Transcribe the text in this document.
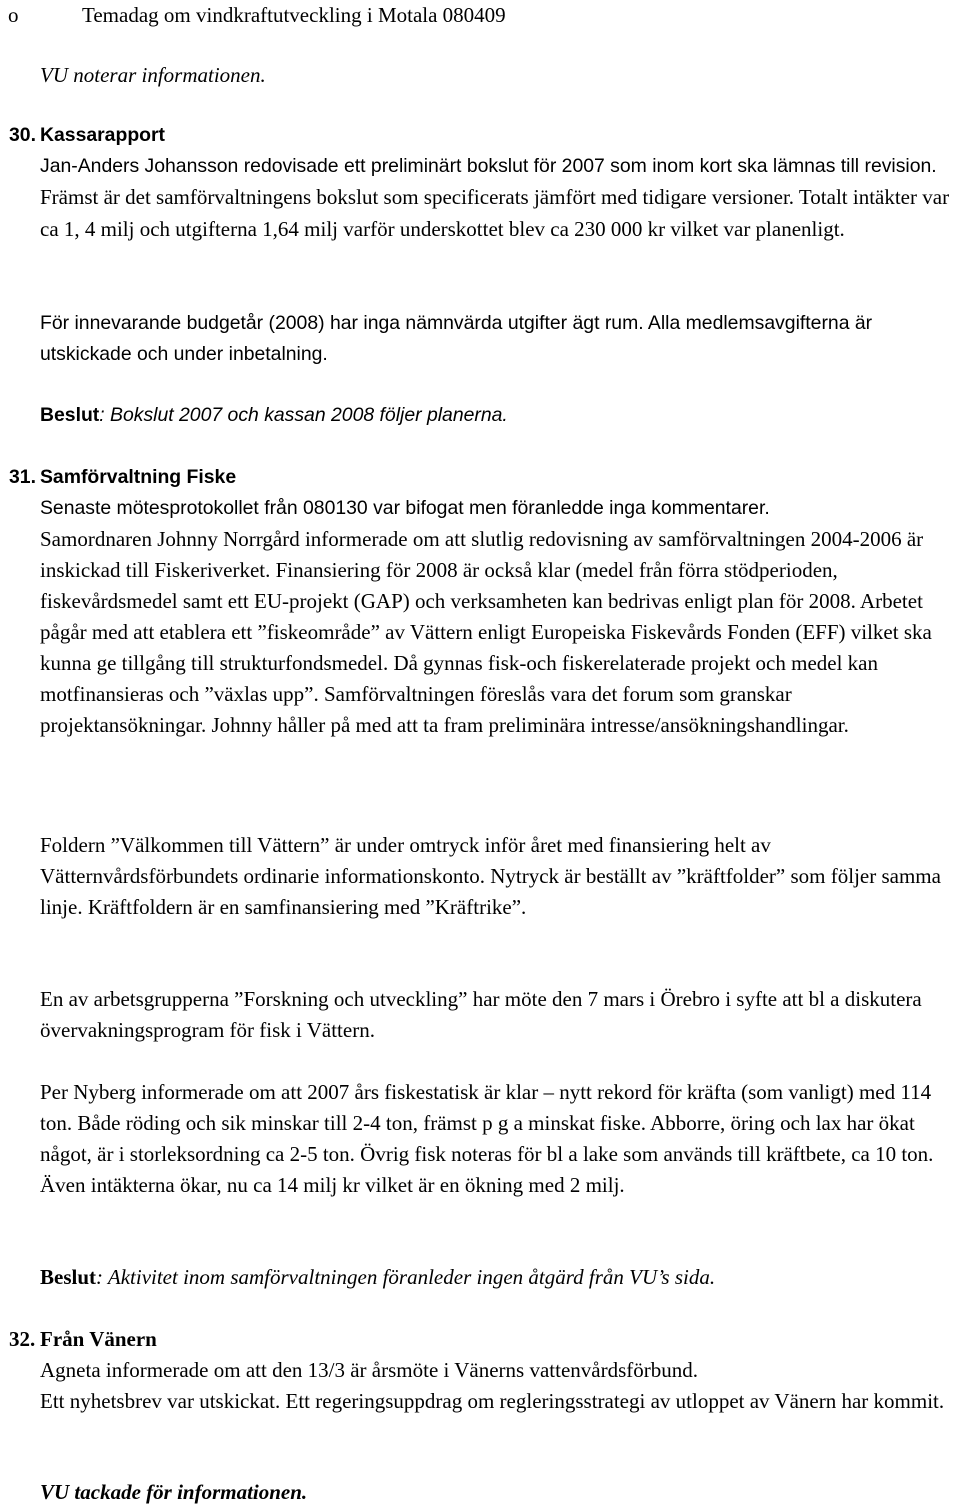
o	Temadag om vindkraftutveckling i Motala 080409

VU noterar informationen.

30. Kassarapport

Jan-Anders Johansson redovisade ett preliminärt bokslut för 2007 som inom kort ska lämnas till revision. Främst är det samförvaltningens bokslut som specificerats jämfört med tidigare versioner. Totalt intäkter var ca 1, 4 milj och utgifterna 1,64 milj varför underskottet blev ca 230 000 kr vilket var planenligt.

För innevarande budgetår (2008) har inga nämnvärda utgifter ägt rum. Alla medlemsavgifterna är utskickade och under inbetalning.

Beslut: Bokslut 2007 och kassan 2008 följer planerna.

31. Samförvaltning Fiske

Senaste mötesprotokollet från 080130 var bifogat men föranledde inga kommentarer.

Samordnaren Johnny Norrgård informerade om att slutlig redovisning av samförvaltningen 2004-2006 är inskickad till Fiskeriverket. Finansiering för 2008 är också klar (medel från förra stödperioden, fiskevårdsmedel samt ett EU-projekt (GAP) och verksamheten kan bedrivas enligt plan för 2008. Arbetet pågår med att etablera ett ”fiskeområde” av Vättern enligt Europeiska Fiskevårds Fonden (EFF) vilket ska kunna ge tillgång till strukturfondsmedel. Då gynnas fisk-och fiskerelaterade projekt och medel kan motfinansieras och ”växlas upp”. Samförvaltningen föreslås vara det forum som granskar projektansökningar. Johnny håller på med att ta fram preliminära intresse/ansökningshandlingar.

Foldern ”Välkommen till Vättern” är under omtryck inför året med finansiering helt av Vätternvårdsförbundets ordinarie informationskonto. Nytryck är beställt av ”kräftfolder” som följer samma linje. Kräftfoldern är en samfinansiering med ”Kräftrike”.

En av arbetsgrupperna ”Forskning och utveckling” har möte den 7 mars i Örebro i syfte att bl a diskutera övervakningsprogram för fisk i Vättern.

Per Nyberg informerade om att 2007 års fiskestatisk är klar – nytt rekord för kräfta (som vanligt) med 114 ton. Både röding och sik minskar till 2-4 ton, främst p g a minskat fiske. Abborre, öring och lax har ökat något, är i storleksordning ca 2-5 ton. Övrig fisk noteras för bl a lake som används till kräftbete, ca 10 ton. Även intäkterna ökar, nu ca 14 milj kr vilket är en ökning med 2 milj.

Beslut: Aktivitet inom samförvaltningen föranleder ingen åtgärd från VU’s sida.

32. Från Vänern

Agneta informerade om att den 13/3 är årsmöte i Vänerns vattenvårdsförbund.

Ett nyhetsbrev var utskickat. Ett regeringsuppdrag om regleringsstrategi av utloppet av Vänern har kommit.

VU tackade för informationen.
